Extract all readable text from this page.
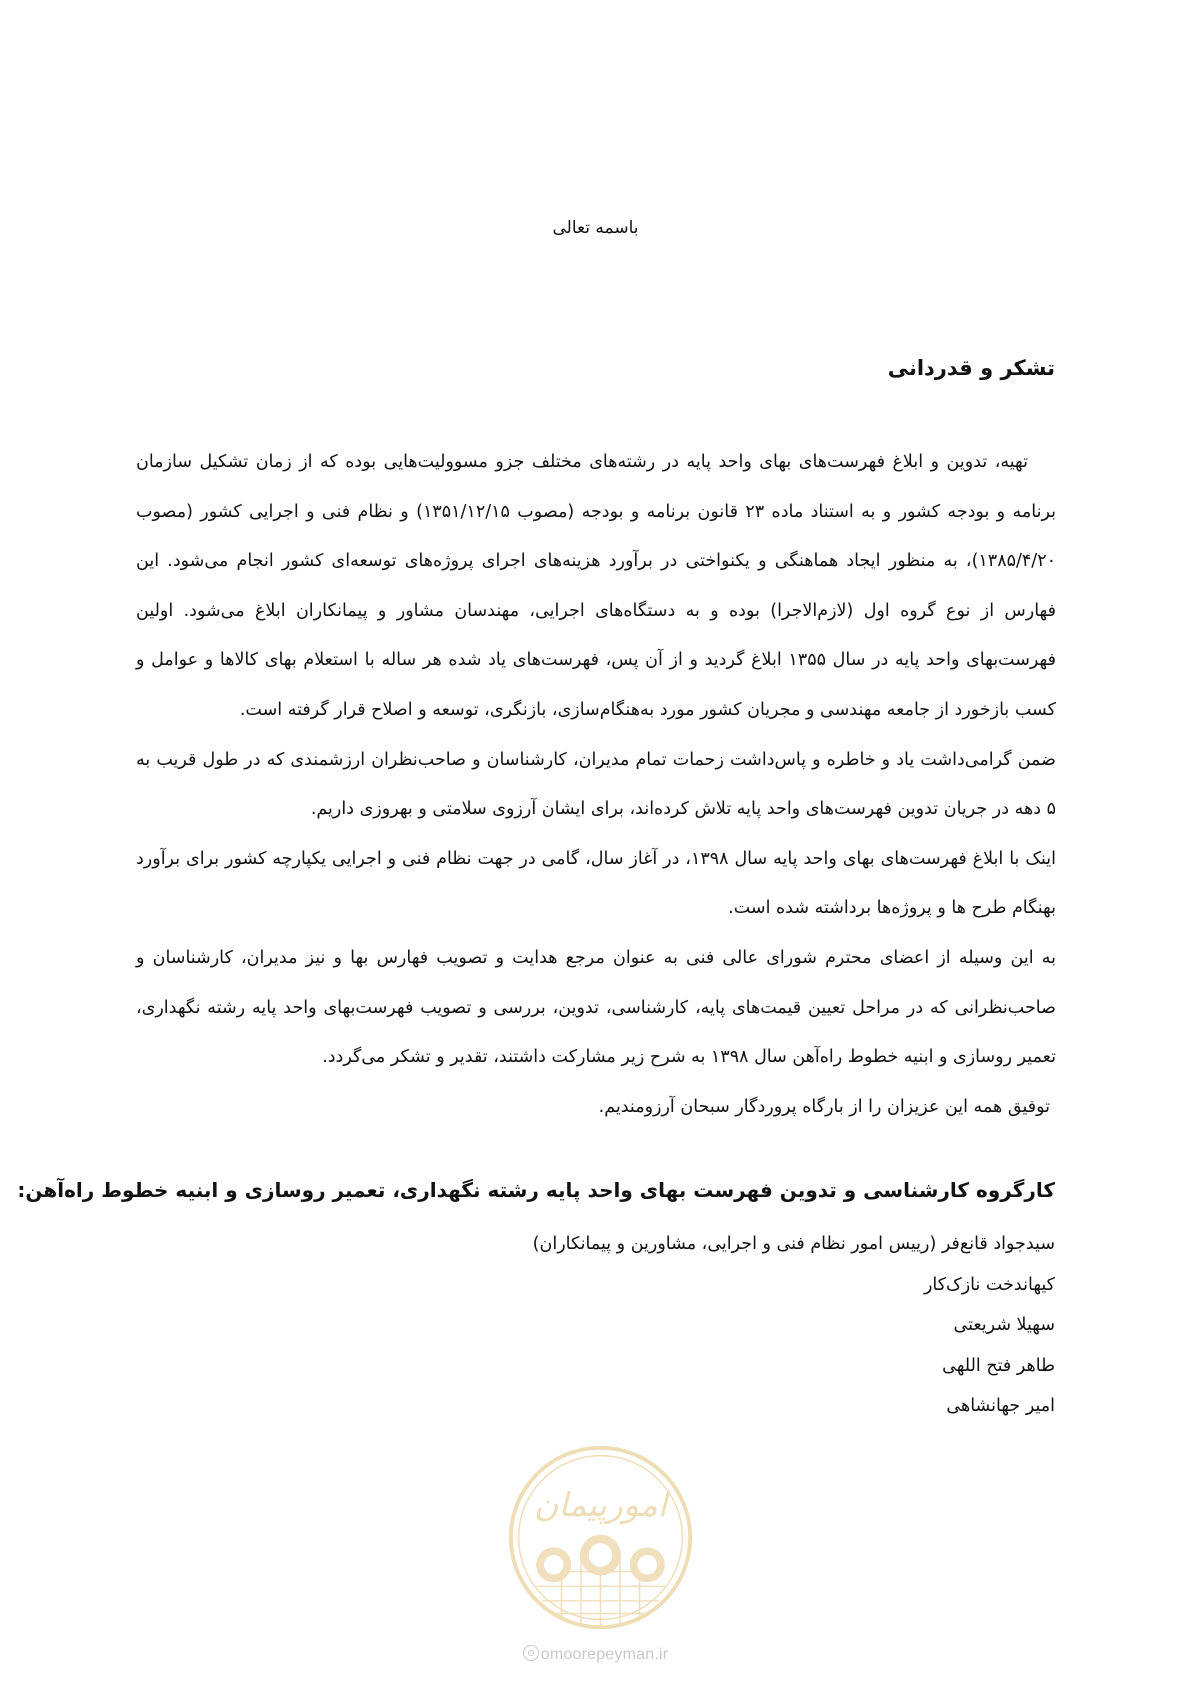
باسمه تعالی
تشکر و قدردانی

تهیه، تدوین و ابلاغ فهرست‌های بهای واحد پایه در رشته‌های مختلف جزو مسوولیت‌هایی بوده که از زمان تشکیل سازمان برنامه و بودجه کشور و به استناد ماده ۲۳ قانون برنامه و بودجه (مصوب ۱۳۵۱/۱۲/۱۵) و نظام فنی و اجرایی کشور (مصوب ۱۳۸۵/۴/۲۰)، به منظور ایجاد هماهنگی و یکنواختی در برآورد هزینه‌های اجرای پروژه‌های توسعه‌ای کشور انجام می‌شود. این فهارس از نوع گروه اول (لازم‌الاجرا) بوده و به دستگاه‌های اجرایی، مهندسان مشاور و پیمانکاران ابلاغ می‌شود. اولین فهرست‌بهای واحد پایه در سال ۱۳۵۵ ابلاغ گردید و از آن پس، فهرست‌های یاد شده هر ساله با استعلام بهای کالاها و عوامل و کسب بازخورد از جامعه مهندسی و مجریان کشور مورد به‌هنگام‌سازی، بازنگری، توسعه و اصلاح قرار گرفته است.

ضمن گرامی‌داشت یاد و خاطره و پاس‌داشت زحمات تمام مدیران، کارشناسان و صاحب‌نظران ارزشمندی که در طول قریب به ۵ دهه در جریان تدوین فهرست‌های واحد پایه تلاش کرده‌اند، برای ایشان آرزوی سلامتی و بهروزی داریم.

اینک با ابلاغ فهرست‌های بهای واحد پایه سال ۱۳۹۸، در آغاز سال، گامی در جهت نظام فنی و اجرایی یکپارچه کشور برای برآورد بهنگام طرح ها و پروژه‌ها برداشته شده است.

به این وسیله از اعضای محترم شورای عالی فنی به عنوان مرجع هدایت و تصویب فهارس بها و نیز مدیران، کارشناسان و صاحب‌نظرانی که در مراحل تعیین قیمت‌های پایه، کارشناسی، تدوین، بررسی و تصویب فهرست‌بهای واحد پایه رشته نگهداری، تعمیر روسازی و ابنیه خطوط راه‌آهن سال ۱۳۹۸ به شرح زیر مشارکت داشتند، تقدیر و تشکر می‌گردد.

توفیق همه این عزیزان را از بارگاه پروردگار سبحان آرزومندیم.

کارگروه کارشناسی و تدوین فهرست بهای واحد پایه رشته نگهداری، تعمیر روسازی و ابنیه خطوط راه‌آهن:
سیدجواد قانع‌فر (رییس امور نظام فنی و اجرایی، مشاورین و پیمانکاران)
کیهاندخت نازک‌کار
سهیلا شریعتی
طاهر فتح اللهی
امیر جهانشاهی
امورپیمان
omoorepeyman.ir
